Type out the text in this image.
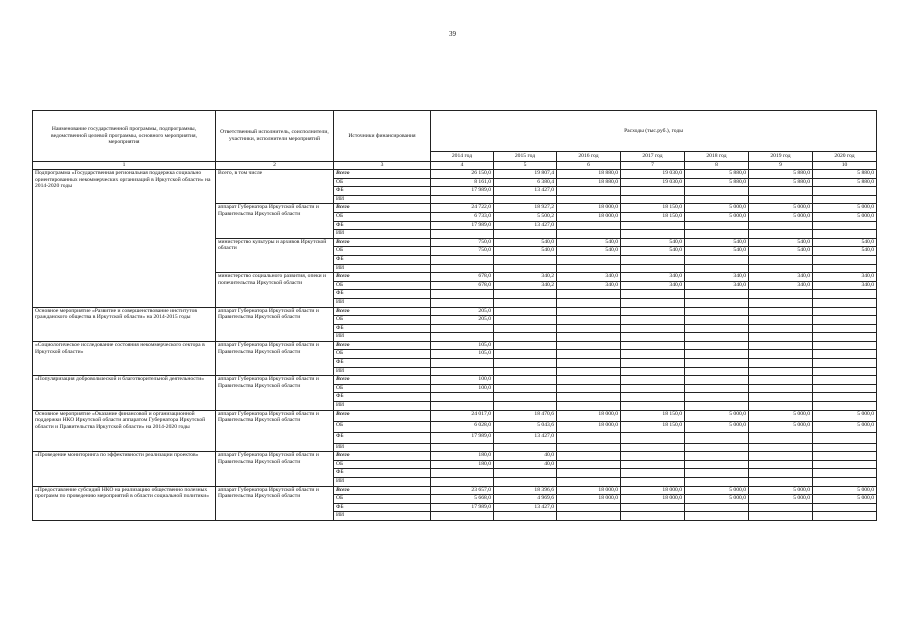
39
Наименование государственной программы, подпрограммы, ведомственной целевой программы, основного мероприятия, мероприятия	Ответственный исполнитель, соисполнители, участники, исполнители мероприятий	Источники финансирования	Расходы (тыс.руб.), годы						
			2014 год	2015 год	2016 год	2017 год	2018 год	2019 год	2020 год
1	2	3	4	5	6	7	8	9	10
Подпрограмма «Государственная региональная поддержка социально ориентированных некоммерческих организаций в Иркутской области» на 2014-2020 годы	Всего, в том числе	Всего	26 150,0	19 807,4	18 880,0	19 030,0	5 880,0	5 880,0	5 880,0
		ОБ	8 161,0	6 380,4	18 880,0	19 030,0	5 880,0	5 880,0	5 880,0
		ФБ	17 989,0	13 427,0					
		ИИ							
	аппарат Губернатора Иркутской области и Правительства Иркутской области	Всего	24 722,0	18 927,2	18 000,0	18 150,0	5 000,0	5 000,0	5 000,0
		ОБ	6 733,0	5 500,2	18 000,0	18 150,0	5 000,0	5 000,0	5 000,0
		ФБ	17 989,0	13 427,0					
		ИИ							
	министерство культуры и архивов Иркутской области	Всего	750,0	540,0	540,0	540,0	540,0	540,0	540,0
		ОБ	750,0	540,0	540,0	540,0	540,0	540,0	540,0
		ФБ							
		ИИ							
	министерство социального развития, опеки и попечительства Иркутской области	Всего	678,0	340,2	340,0	340,0	340,0	340,0	340,0
		ОБ	678,0	340,2	340,0	340,0	340,0	340,0	340,0
		ФБ							
		ИИ							
Основное мероприятие «Развитие и совершенствование институтов гражданского общества в Иркутской области» на 2014-2015 годы	аппарат Губернатора Иркутской области и Правительства Иркутской области	Всего	205,0						
		ОБ	205,0						
		ФБ							
		ИИ							
«Социологическое исследование состояния некоммерческого сектора в Иркутской области»	аппарат Губернатора Иркутской области и Правительства Иркутской области	Всего	105,0						
		ОБ	105,0						
		ФБ							
		ИИ							
«Популяризация добровольческой и благотворительной деятельности»	аппарат Губернатора Иркутской области и Правительства Иркутской области	Всего	100,0						
		ОБ	100,0						
		ФБ							
		ИИ							
Основное мероприятие «Оказание финансовой и организационной поддержки НКО Иркутской области аппаратом Губернатора Иркутской области и Правительства Иркутской области» на 2014-2020 годы	аппарат Губернатора Иркутской области и Правительства Иркутской области	Всего	24 017,0	18 470,6	18 000,0	18 150,0	5 000,0	5 000,0	5 000,0
		ОБ	6 028,0	5 043,6	18 000,0	18 150,0	5 000,0	5 000,0	5 000,0
		ФБ	17 989,0	13 427,0					
		ИИ							
«Проведение мониторинга по эффективности реализации проектов»	аппарат Губернатора Иркутской области и Правительства Иркутской области	Всего	180,0	40,0					
		ОБ	180,0	40,0					
		ФБ							
		ИИ							
«Предоставление субсидий НКО на реализацию общественно полезных программ по проведению мероприятий в области социальной политики»	аппарат Губернатора Иркутской области и Правительства Иркутской области	Всего	23 657,0	18 396,6	18 000,0	18 000,0	5 000,0	5 000,0	5 000,0
		ОБ	5 668,0	4 969,6	18 000,0	18 000,0	5 000,0	5 000,0	5 000,0
		ФБ	17 989,0	13 427,0					
		ИИ							
